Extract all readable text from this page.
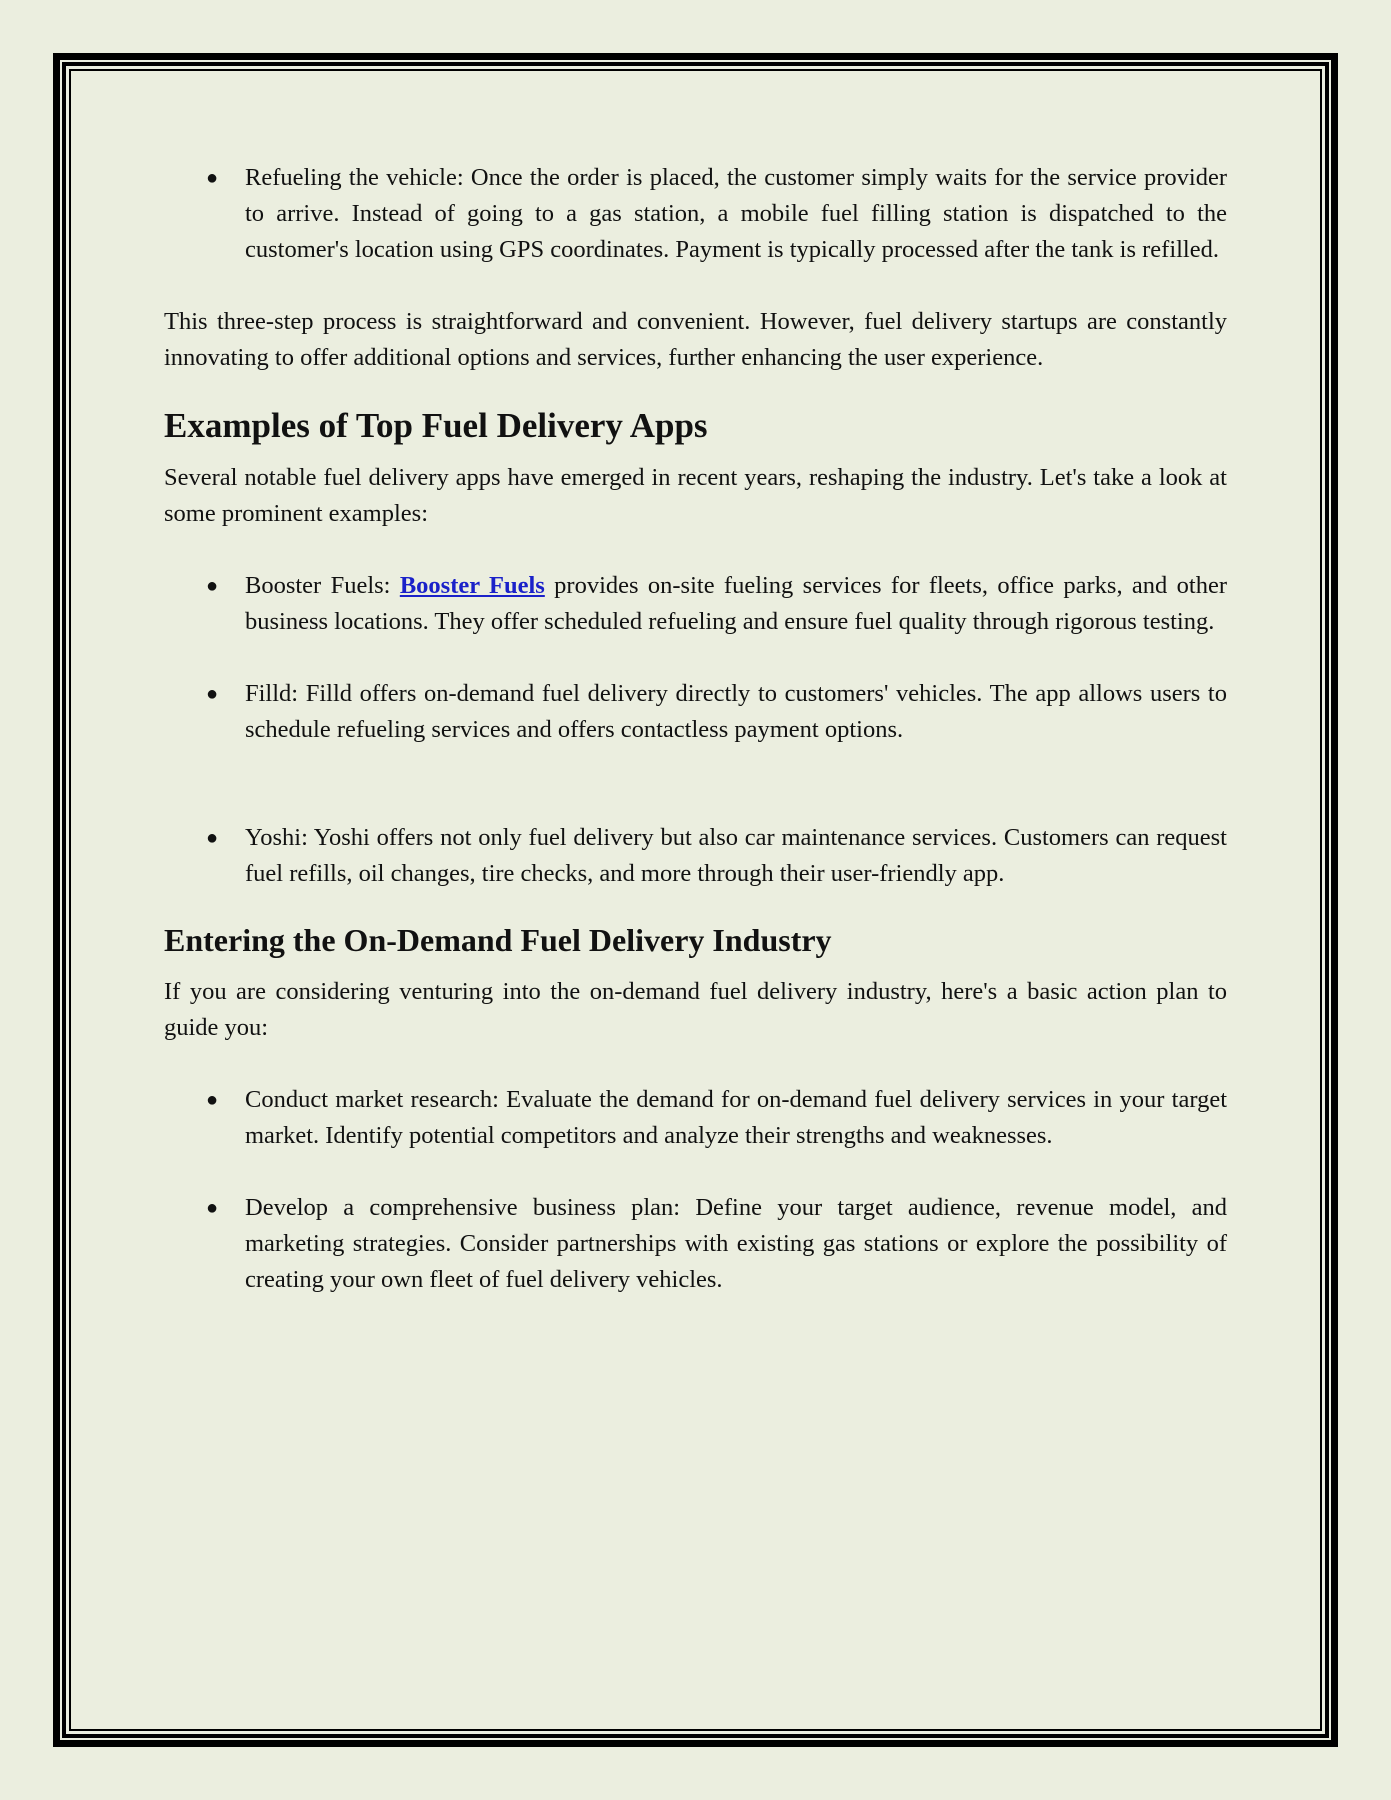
● Refueling the vehicle: Once the order is placed, the customer simply waits for the service provider to arrive. Instead of going to a gas station, a mobile fuel filling station is dispatched to the customer's location using GPS coordinates. Payment is typically processed after the tank is refilled.

This three-step process is straightforward and convenient. However, fuel delivery startups are constantly innovating to offer additional options and services, further enhancing the user experience.

Examples of Top Fuel Delivery Apps

Several notable fuel delivery apps have emerged in recent years, reshaping the industry. Let's take a look at some prominent examples:

● Booster Fuels: Booster Fuels provides on-site fueling services for fleets, office parks, and other business locations. They offer scheduled refueling and ensure fuel quality through rigorous testing.
● Filld: Filld offers on-demand fuel delivery directly to customers' vehicles. The app allows users to schedule refueling services and offers contactless payment options.
● Yoshi: Yoshi offers not only fuel delivery but also car maintenance services. Customers can request fuel refills, oil changes, tire checks, and more through their user-friendly app.
Entering the On-Demand Fuel Delivery Industry

If you are considering venturing into the on-demand fuel delivery industry, here's a basic action plan to guide you:

● Conduct market research: Evaluate the demand for on-demand fuel delivery services in your target market. Identify potential competitors and analyze their strengths and weaknesses.
● Develop a comprehensive business plan: Define your target audience, revenue model, and marketing strategies. Consider partnerships with existing gas stations or explore the possibility of creating your own fleet of fuel delivery vehicles.
